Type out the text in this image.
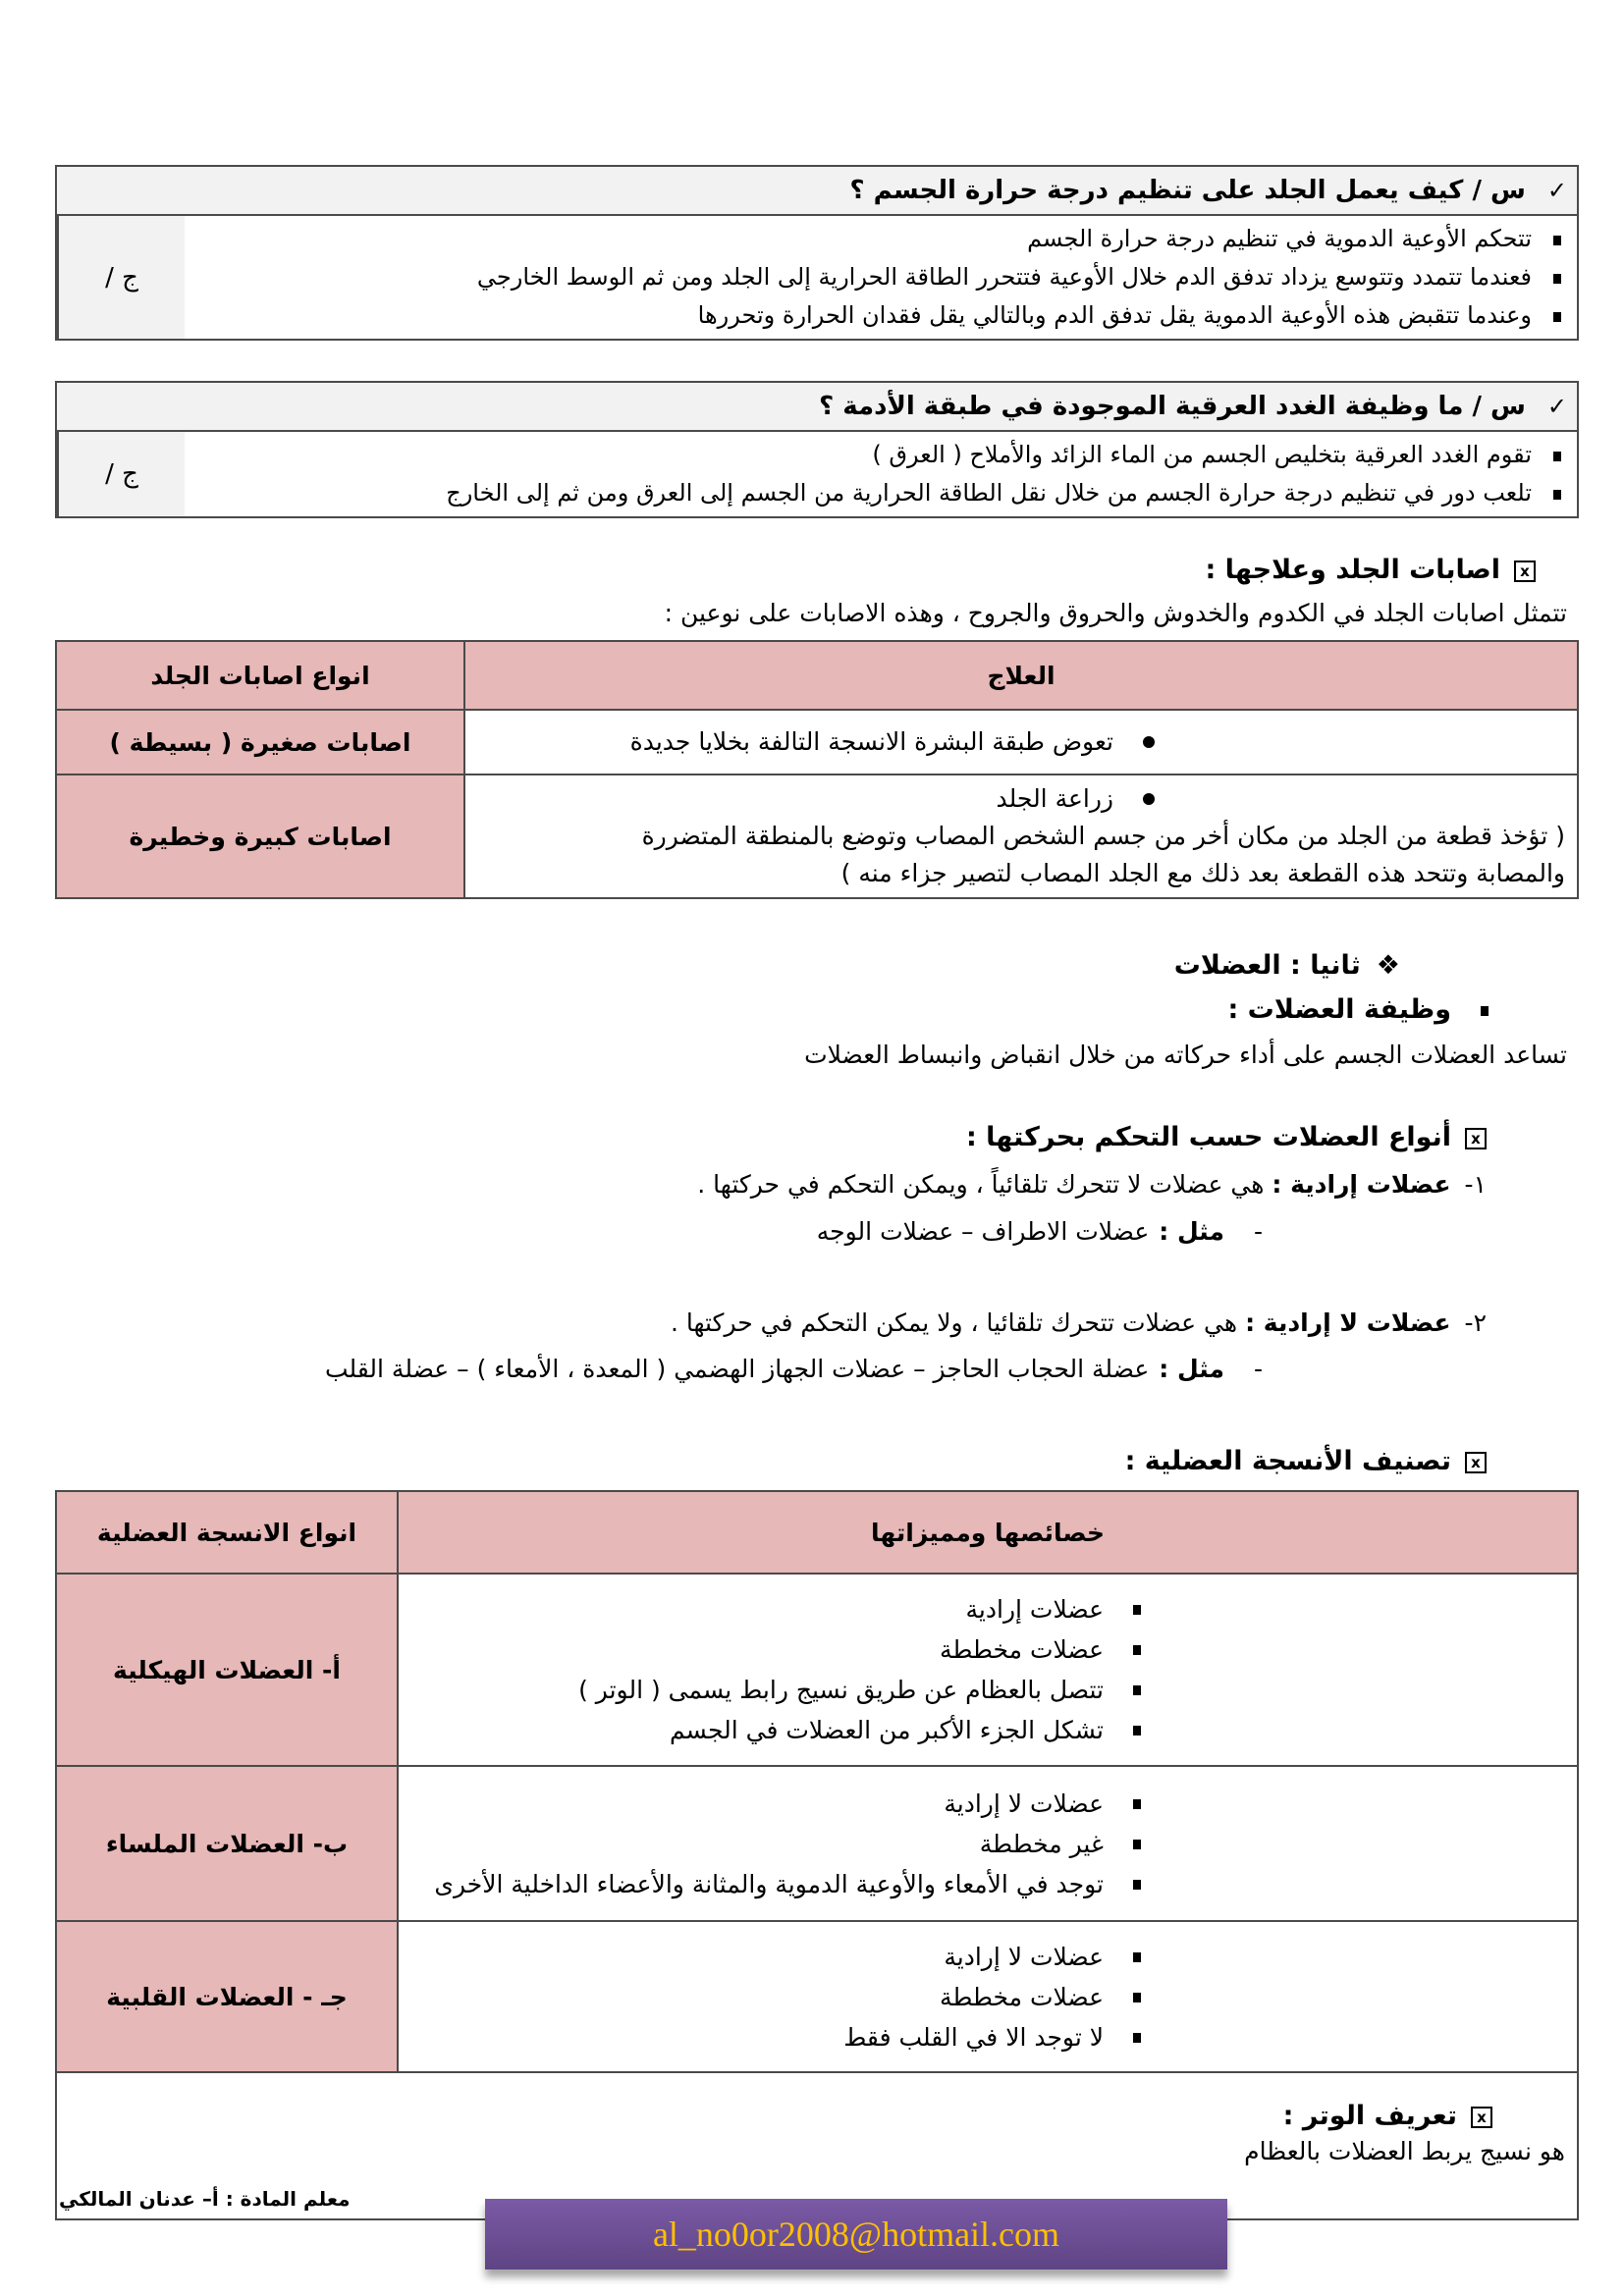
✓
س / كيف يعمل الجلد على تنظيم درجة حرارة الجسم ؟
تتحكم الأوعية الدموية في تنظيم درجة حرارة الجسم
فعندما تتمدد وتتوسع يزداد تدفق الدم خلال الأوعية فتتحرر الطاقة الحرارية إلى الجلد ومن ثم الوسط الخارجي
وعندما تتقبض هذه الأوعية الدموية يقل تدفق الدم وبالتالي يقل فقدان الحرارة وتحررها
ج /
✓
س / ما وظيفة الغدد العرقية الموجودة في طبقة الأدمة ؟
تقوم الغدد العرقية بتخليص الجسم من الماء الزائد والأملاح ( العرق )
تلعب دور في تنظيم درجة حرارة الجسم من خلال نقل الطاقة الحرارية من الجسم إلى العرق ومن ثم إلى الخارج
ج /
xاصابات الجلد وعلاجها :
تتمثل اصابات الجلد في الكدوم والخدوش والحروق والجروح ، وهذه الاصابات على نوعين :
العلاج	انواع اصابات الجلد

تعوض طبقة البشرة الانسجة التالفة بخلايا جديدة
	اصابات صغيرة ( بسيطة )

زراعة الجلد
( تؤخذ قطعة من الجلد من مكان أخر من جسم الشخص المصاب وتوضع بالمنطقة المتضررة
والمصابة وتتحد هذه القطعة بعد ذلك مع الجلد المصاب لتصير جزاء منه )
	اصابات كبيرة وخطيرة
❖ثانيا : العضلات
وظيفة العضلات :
تساعد العضلات الجسم على أداء حركاته من خلال انقباض وانبساط العضلات
xأنواع العضلات حسب التحكم بحركتها :
١-عضلات إرادية :هي عضلات لا تتحرك تلقائياً ، ويمكن التحكم في حركتها .
-مثل :عضلات الاطراف – عضلات الوجه
٢-عضلات لا إرادية :هي عضلات تتحرك تلقائيا ، ولا يمكن التحكم في حركتها .
-مثل :عضلة الحجاب الحاجز – عضلات الجهاز الهضمي ( المعدة ، الأمعاء ) – عضلة القلب
xتصنيف الأنسجة العضلية :
خصائصها ومميزاتها	انواع الانسجة العضلية

عضلات إرادية
عضلات مخططة
تتصل بالعظام عن طريق نسيج رابط يسمى ( الوتر )
تشكل الجزء الأكبر من العضلات في الجسم
	أ- العضلات الهيكلية

عضلات لا إرادية
غير مخططة
توجد في الأمعاء والأوعية الدموية والمثانة والأعضاء الداخلية الأخرى
	ب- العضلات الملساء

عضلات لا إرادية
عضلات مخططة
لا توجد الا في القلب فقط
	جـ - العضلات القلبية

xتعريف الوتر :
هو نسيج يربط العضلات بالعظام	
معلم المادة : أ– عدنان المالكي
al_no0or2008@hotmail.com
